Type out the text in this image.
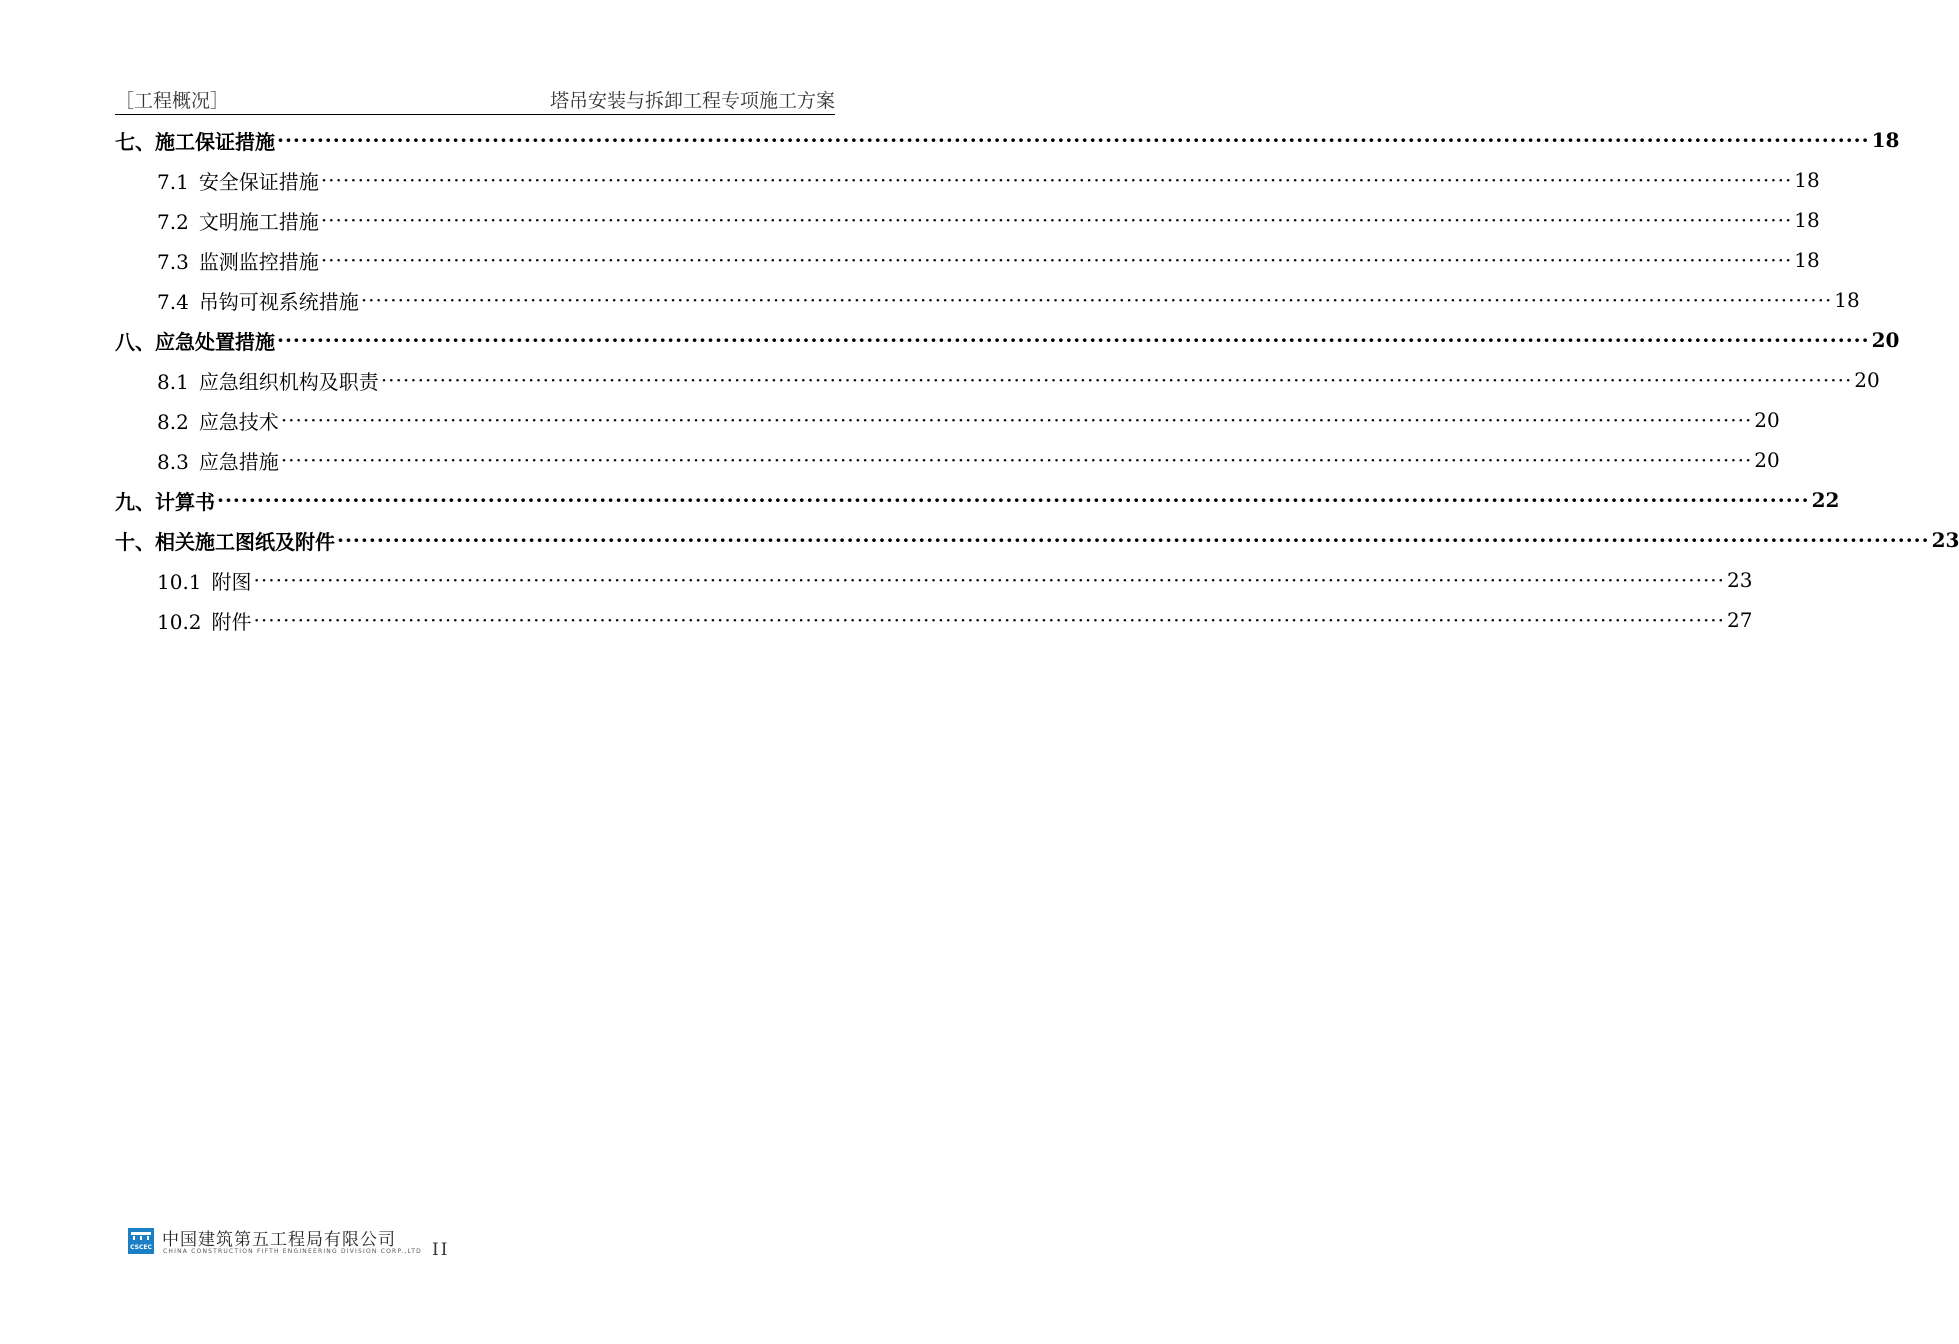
［工程概况］	塔吊安装与拆卸工程专项施工方案
七、施工保证措施 ········································································································································································································ 18
7.1 安全保证措施 ········································································································································································································ 18
7.2 文明施工措施 ········································································································································································································ 18
7.3 监测监控措施 ········································································································································································································ 18
7.4 吊钩可视系统措施 ········································································································································································································ 18
八、应急处置措施 ········································································································································································································ 20
8.1 应急组织机构及职责 ········································································································································································································ 20
8.2 应急技术 ········································································································································································································ 20
8.3 应急措施 ········································································································································································································ 20
九、计算书 ········································································································································································································ 22
十、相关施工图纸及附件 ········································································································································································································ 23
10.1 附图 ········································································································································································································ 23
10.2 附件 ········································································································································································································ 27
CSCEC 中国建筑第五工程局有限公司
CHINA CONSTRUCTION FIFTH ENGINEERING DIVISION CORP.,LTD II
